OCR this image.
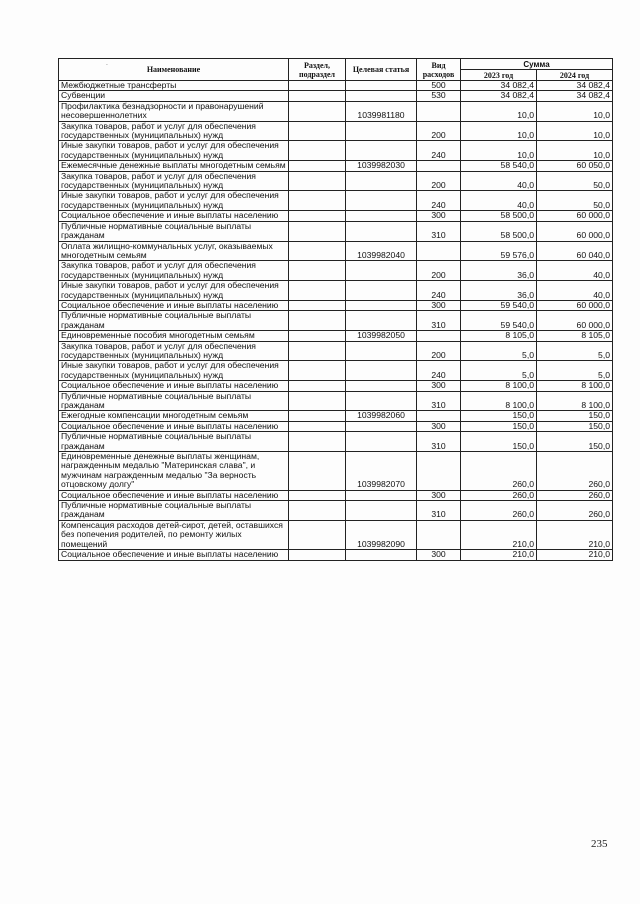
·	Наименование	Раздел, подраздел	Целевая статья	Вид расходов	Сумма	
				2023 год	2024 год
Межбюджетные трансферты			500	34 082,4	34 082,4
Субвенции			530	34 082,4	34 082,4
Профилактика безнадзорности и правонарушений несовершеннолетних		1039981180		10,0	10,0
Закупка товаров, работ и услуг для обеспечения государственных (муниципальных) нужд			200	10,0	10,0
Иные закупки товаров, работ и услуг для обеспечения государственных (муниципальных) нужд			240	10,0	10,0
Ежемесячные денежные выплаты многодетным семьям		1039982030		58 540,0	60 050,0
Закупка товаров, работ и услуг для обеспечения государственных (муниципальных) нужд			200	40,0	50,0
Иные закупки товаров, работ и услуг для обеспечения государственных (муниципальных) нужд			240	40,0	50,0
Социальное обеспечение и иные выплаты населению			300	58 500,0	60 000,0
Публичные нормативные социальные выплаты гражданам			310	58 500,0	60 000,0
Оплата жилищно-коммунальных услуг, оказываемых многодетным семьям		1039982040		59 576,0	60 040,0
Закупка товаров, работ и услуг для обеспечения государственных (муниципальных) нужд			200	36,0	40,0
Иные закупки товаров, работ и услуг для обеспечения государственных (муниципальных) нужд			240	36,0	40,0
Социальное обеспечение и иные выплаты населению			300	59 540,0	60 000,0
Публичные нормативные социальные выплаты гражданам			310	59 540,0	60 000,0
Единовременные пособия многодетным семьям		1039982050		8 105,0	8 105,0
Закупка товаров, работ и услуг для обеспечения государственных (муниципальных) нужд			200	5,0	5,0
Иные закупки товаров, работ и услуг для обеспечения государственных (муниципальных) нужд			240	5,0	5,0
Социальное обеспечение и иные выплаты населению			300	8 100,0	8 100,0
Публичные нормативные социальные выплаты гражданам			310	8 100,0	8 100,0
Ежегодные компенсации многодетным семьям		1039982060		150,0	150,0
Социальное обеспечение и иные выплаты населению			300	150,0	150,0
Публичные нормативные социальные выплаты гражданам			310	150,0	150,0
Единовременные денежные выплаты женщинам, награжденным медалью "Материнская слава", и мужчинам награжденным медалью "За верность отцовскому долгу"		1039982070		260,0	260,0
Социальное обеспечение и иные выплаты населению			300	260,0	260,0
Публичные нормативные социальные выплаты гражданам			310	260,0	260,0
Компенсация расходов детей-сирот, детей, оставшихся без попечения родителей, по ремонту жилых помещений		1039982090		210,0	210,0
Социальное обеспечение и иные выплаты населению			300	210,0	210,0
235
